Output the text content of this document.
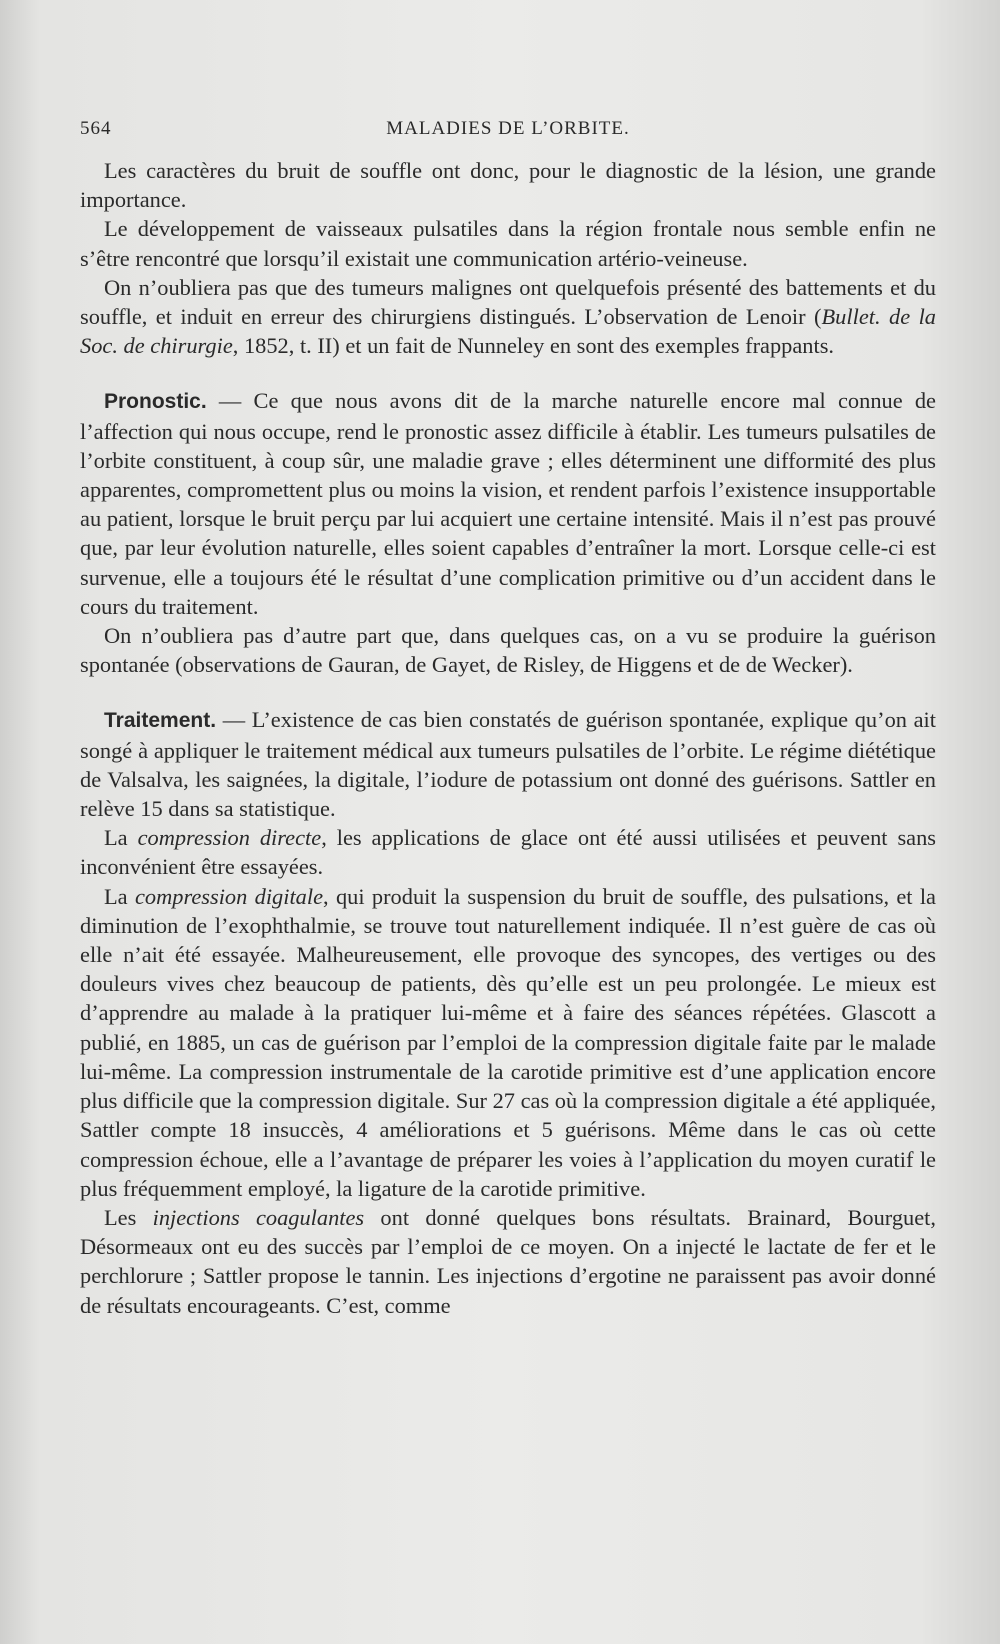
564	MALADIES DE L’ORBITE.

Les caractères du bruit de souffle ont donc, pour le diagnostic de la lésion, une grande importance.

Le développement de vaisseaux pulsatiles dans la région frontale nous semble enfin ne s’être rencontré que lorsqu’il existait une communication artério-veineuse.

On n’oubliera pas que des tumeurs malignes ont quelquefois présenté des battements et du souffle, et induit en erreur des chirurgiens distingués. L’observation de Lenoir (Bullet. de la Soc. de chirurgie, 1852, t. II) et un fait de Nunneley en sont des exemples frappants.

Pronostic. — Ce que nous avons dit de la marche naturelle encore mal connue de l’affection qui nous occupe, rend le pronostic assez difficile à établir. Les tumeurs pulsatiles de l’orbite constituent, à coup sûr, une maladie grave ; elles déterminent une difformité des plus apparentes, compromettent plus ou moins la vision, et rendent parfois l’existence insupportable au patient, lorsque le bruit perçu par lui acquiert une certaine intensité. Mais il n’est pas prouvé que, par leur évolution naturelle, elles soient capables d’entraîner la mort. Lorsque celle-ci est survenue, elle a toujours été le résultat d’une complication primitive ou d’un accident dans le cours du traitement.

On n’oubliera pas d’autre part que, dans quelques cas, on a vu se produire la guérison spontanée (observations de Gauran, de Gayet, de Risley, de Higgens et de de Wecker).

Traitement. — L’existence de cas bien constatés de guérison spontanée, explique qu’on ait songé à appliquer le traitement médical aux tumeurs pulsatiles de l’orbite. Le régime diététique de Valsalva, les saignées, la digitale, l’iodure de potassium ont donné des guérisons. Sattler en relève 15 dans sa statistique.

La compression directe, les applications de glace ont été aussi utilisées et peuvent sans inconvénient être essayées.

La compression digitale, qui produit la suspension du bruit de souffle, des pulsations, et la diminution de l’exophthalmie, se trouve tout naturellement indiquée. Il n’est guère de cas où elle n’ait été essayée. Malheureusement, elle provoque des syncopes, des vertiges ou des douleurs vives chez beaucoup de patients, dès qu’elle est un peu prolongée. Le mieux est d’apprendre au malade à la pratiquer lui-même et à faire des séances répétées. Glascott a publié, en 1885, un cas de guérison par l’emploi de la compression digitale faite par le malade lui-même. La compression instrumentale de la carotide primitive est d’une application encore plus difficile que la compression digitale. Sur 27 cas où la compression digitale a été appliquée, Sattler compte 18 insuccès, 4 améliorations et 5 guérisons. Même dans le cas où cette compression échoue, elle a l’avantage de préparer les voies à l’application du moyen curatif le plus fréquemment employé, la ligature de la carotide primitive.

Les injections coagulantes ont donné quelques bons résultats. Brainard, Bourguet, Désormeaux ont eu des succès par l’emploi de ce moyen. On a injecté le lactate de fer et le perchlorure ; Sattler propose le tannin. Les injections d’ergotine ne paraissent pas avoir donné de résultats encourageants. C’est, comme
